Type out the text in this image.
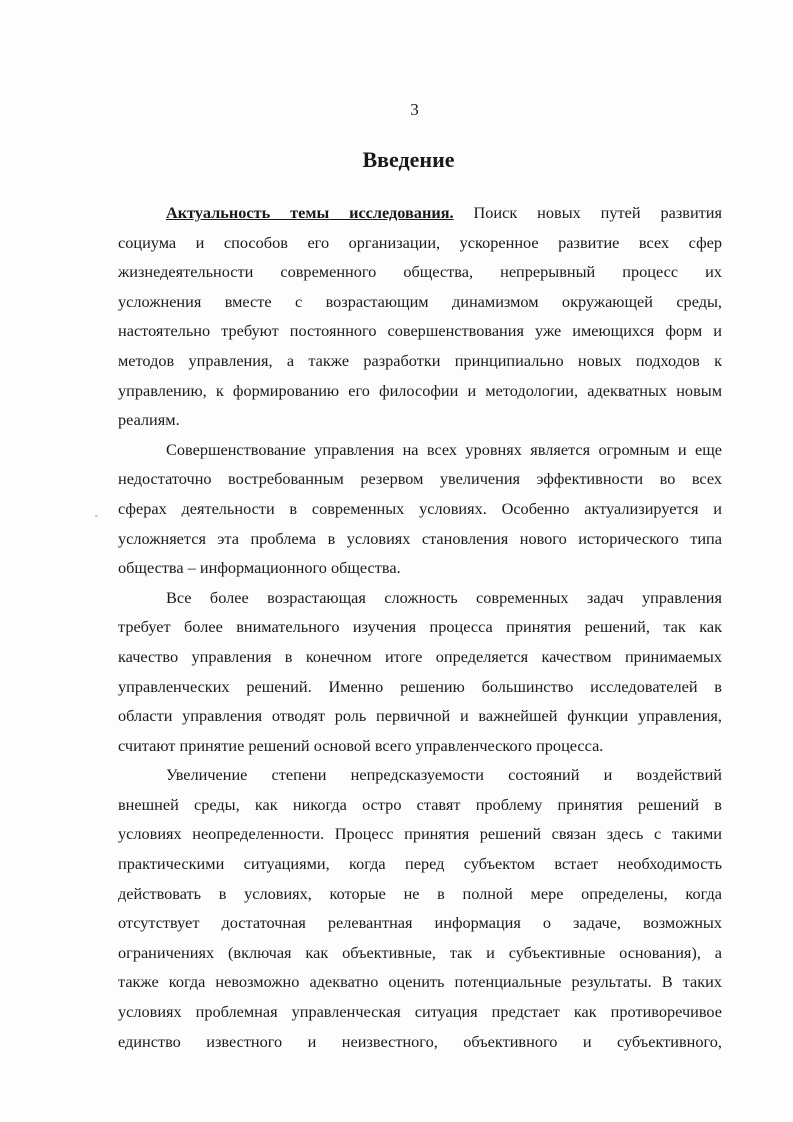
3
Введение
Актуальность темы исследования. Поиск новых путей развития
социума и способов его организации, ускоренное развитие всех сфер
жизнедеятельности современного общества, непрерывный процесс их
усложнения вместе с возрастающим динамизмом окружающей среды,
настоятельно требуют постоянного совершенствования уже имеющихся форм и
методов управления, а также разработки принципиально новых подходов к
управлению, к формированию его философии и методологии, адекватных новым
реалиям.
Совершенствование управления на всех уровнях является огромным и еще
недостаточно востребованным резервом увеличения эффективности во всех
сферах деятельности в современных условиях. Особенно актуализируется и
усложняется эта проблема в условиях становления нового исторического типа
общества – информационного общества.
Все более возрастающая сложность современных задач управления
требует более внимательного изучения процесса принятия решений, так как
качество управления в конечном итоге определяется качеством принимаемых
управленческих решений. Именно решению большинство исследователей в
области управления отводят роль первичной и важнейшей функции управления,
считают принятие решений основой всего управленческого процесса.
Увеличение степени непредсказуемости состояний и воздействий
внешней среды, как никогда остро ставят проблему принятия решений в
условиях неопределенности. Процесс принятия решений связан здесь с такими
практическими ситуациями, когда перед субъектом встает необходимость
действовать в условиях, которые не в полной мере определены, когда
отсутствует достаточная релевантная информация о задаче, возможных
ограничениях (включая как объективные, так и субъективные основания), а
также когда невозможно адекватно оценить потенциальные результаты. В таких
условиях проблемная управленческая ситуация предстает как противоречивое
единство известного и неизвестного, объективного и субъективного,
